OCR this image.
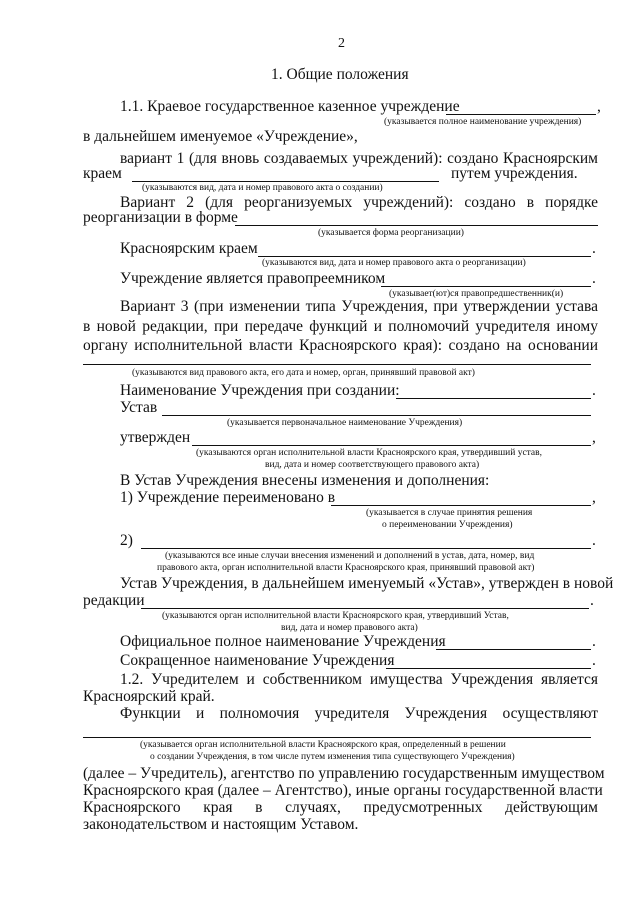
2
1. Общие положения
1.1. Краевое государственное казенное учреждение	,
(указывается полное наименование учреждения)
в дальнейшем именуемое «Учреждение»,
вариант 1 (для вновь создаваемых учреждений): создано Красноярским
краем	путем учреждения.
(указываются вид, дата и номер правового акта о создании)
Вариант 2 (для реорганизуемых учреждений): создано в порядке
реорганизации в форме
(указывается форма реорганизации)
Красноярским краем	.
(указываются вид, дата и номер правового акта о реорганизации)
Учреждение является правопреемником	.
(указывает(ют)ся правопредшественник(и)
Вариант 3 (при изменении типа Учреждения, при утверждении устава
в новой редакции, при передаче функций и полномочий учредителя иному
органу исполнительной власти Красноярского края): создано на основании
(указываются вид правового акта, его дата и номер, орган, принявший правовой акт)
Наименование Учреждения при создании:	.
Устав
(указывается первоначальное наименование Учреждения)
утвержден	,
(указываются орган исполнительной власти Красноярского края, утвердивший устав,
вид, дата и номер соответствующего правового акта)
В Устав Учреждения внесены изменения и дополнения:
1) Учреждение переименовано в	,
(указывается в случае принятия решения
о переименовании Учреждения)
2)	.
(указываются все иные случаи внесения изменений и дополнений в устав, дата, номер, вид
правового акта, орган исполнительной власти Красноярского края, принявший правовой акт)
Устав Учреждения, в дальнейшем именуемый «Устав», утвержден в новой
редакции	.
(указываются орган исполнительной власти Красноярского края, утвердивший Устав,
вид, дата и номер правового акта)
Официальное полное наименование Учреждения	.
Сокращенное наименование Учреждения	.
1.2. Учредителем и собственником имущества Учреждения является
Красноярский край.
Функции и полномочия учредителя Учреждения осуществляют
(указывается орган исполнительной власти Красноярского края, определенный в решении
о создании Учреждения, в том числе путем изменения типа существующего Учреждения)
(далее – Учредитель), агентство по управлению государственным имуществом
Красноярского края (далее – Агентство), иные органы государственной власти
Красноярского края в случаях, предусмотренных действующим
законодательством и настоящим Уставом.
